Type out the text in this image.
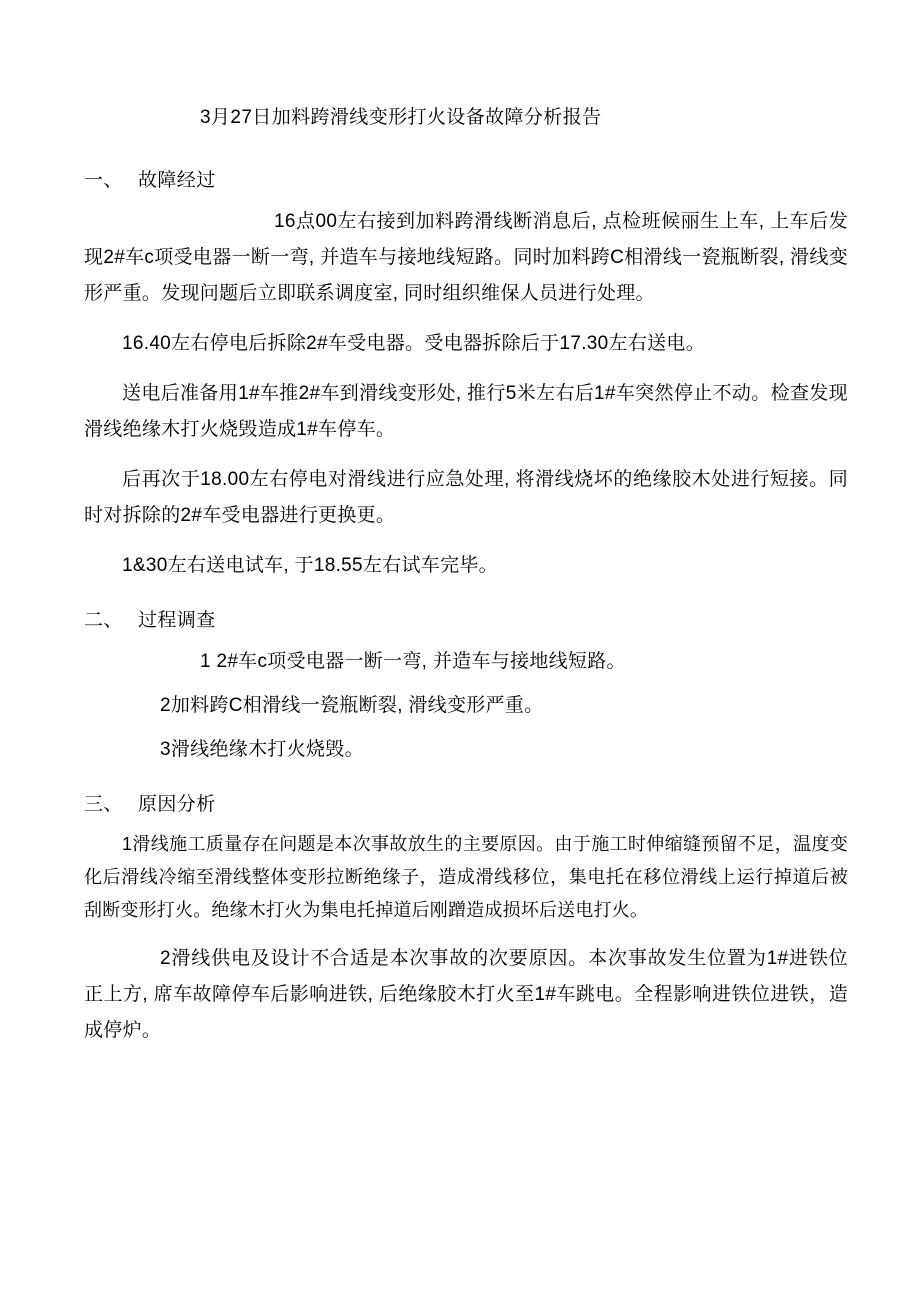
3月27日加料跨滑线变形打火设备故障分析报告
一、 故障经过

16点00左右接到加料跨滑线断消息后, 点检班候丽生上车, 上车后发现2#车c项受电器一断一弯, 并造车与接地线短路。同时加料跨C相滑线一瓷瓶断裂, 滑线变形严重。发现问题后立即联系调度室, 同时组织维保人员进行处理。

16.40左右停电后拆除2#车受电器。受电器拆除后于17.30左右送电。

送电后准备用1#车推2#车到滑线变形处, 推行5米左右后1#车突然停止不动。检查发现滑线绝缘木打火烧毁造成1#车停车。

后再次于18.00左右停电对滑线进行应急处理, 将滑线烧坏的绝缘胶木处进行短接。同时对拆除的2#车受电器进行更换更。

1&30左右送电试车, 于18.55左右试车完毕。

二、 过程调查

1 2#车c项受电器一断一弯, 并造车与接地线短路。

2加料跨C相滑线一瓷瓶断裂, 滑线变形严重。

3滑线绝缘木打火烧毁。

三、 原因分析

1滑线施工质量存在问题是本次事故放生的主要原因。由于施工时伸缩缝预留不足，温度变化后滑线冷缩至滑线整体变形拉断绝缘子，造成滑线移位，集电托在移位滑线上运行掉道后被刮断变形打火。绝缘木打火为集电托掉道后刚蹭造成损坏后送电打火。

2滑线供电及设计不合适是本次事故的次要原因。本次事故发生位置为1#进铁位正上方, 席车故障停车后影响进铁, 后绝缘胶木打火至1#车跳电。全程影响进铁位进铁，造成停炉。
